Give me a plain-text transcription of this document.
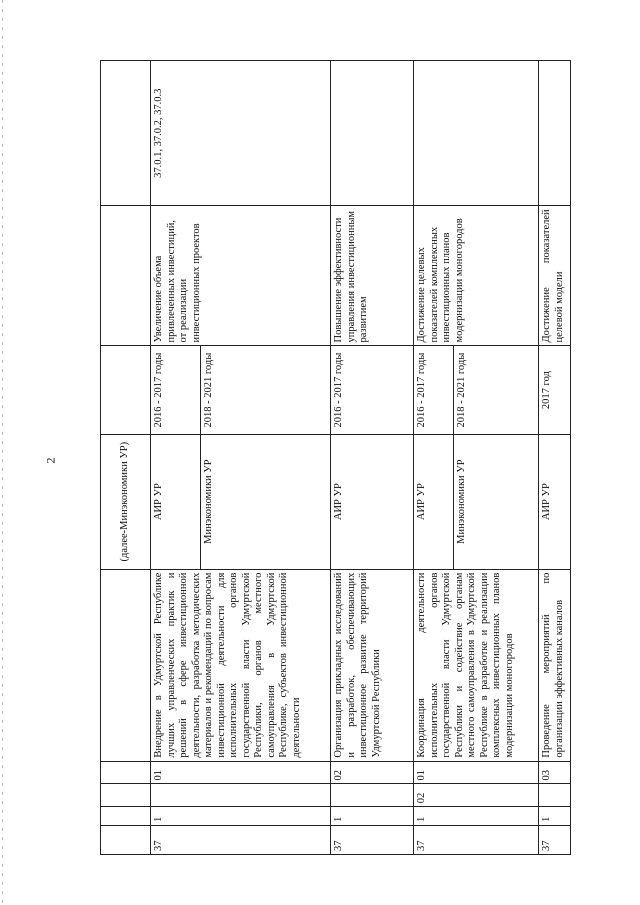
2
						(далее-Минэкономики УР)			
37	1		01	Внедрение в Удмуртской Республике лучших управленческих практик и решений в сфере инвестиционной деятельности, разработка методических материалов и рекомендаций по вопросам инвестиционной деятельности для исполнительных органов государственной власти Удмуртской Республики, органов местного самоуправления в Удмуртской Республике, субъектов инвестиционной деятельности	АИР УР	2016 - 2017 годы	Увеличение объема привлеченных инвестиций, от реализации инвестиционных проектов	37.0.1, 37.0.2, 37.0.3
					Минэкономики УР	2018 - 2021 годы		
37	1		02	Организация прикладных исследований и разработок, обеспечивающих инвестиционное развитие территорий Удмуртской Республики	АИР УР	2016 - 2017 годы	Повышение эффективности управления инвестиционным развитием	
37	1	02	01	Координация деятельности исполнительных органов государственной власти Удмуртской Республики и содействие органам местного самоуправления в Удмуртской Республике в разработке и реализации комплексных инвестиционных планов модернизации моногородов	АИР УР	2016 - 2017 годы	Достижение целевых показателей комплексных инвестиционных планов модернизации моногородов	
					Минэкономики УР	2018 - 2021 годы		
37	1		03	Проведение мероприятий по организации эффективных каналов	АИР УР	2017 год	Достижение показателей целевой модели	
